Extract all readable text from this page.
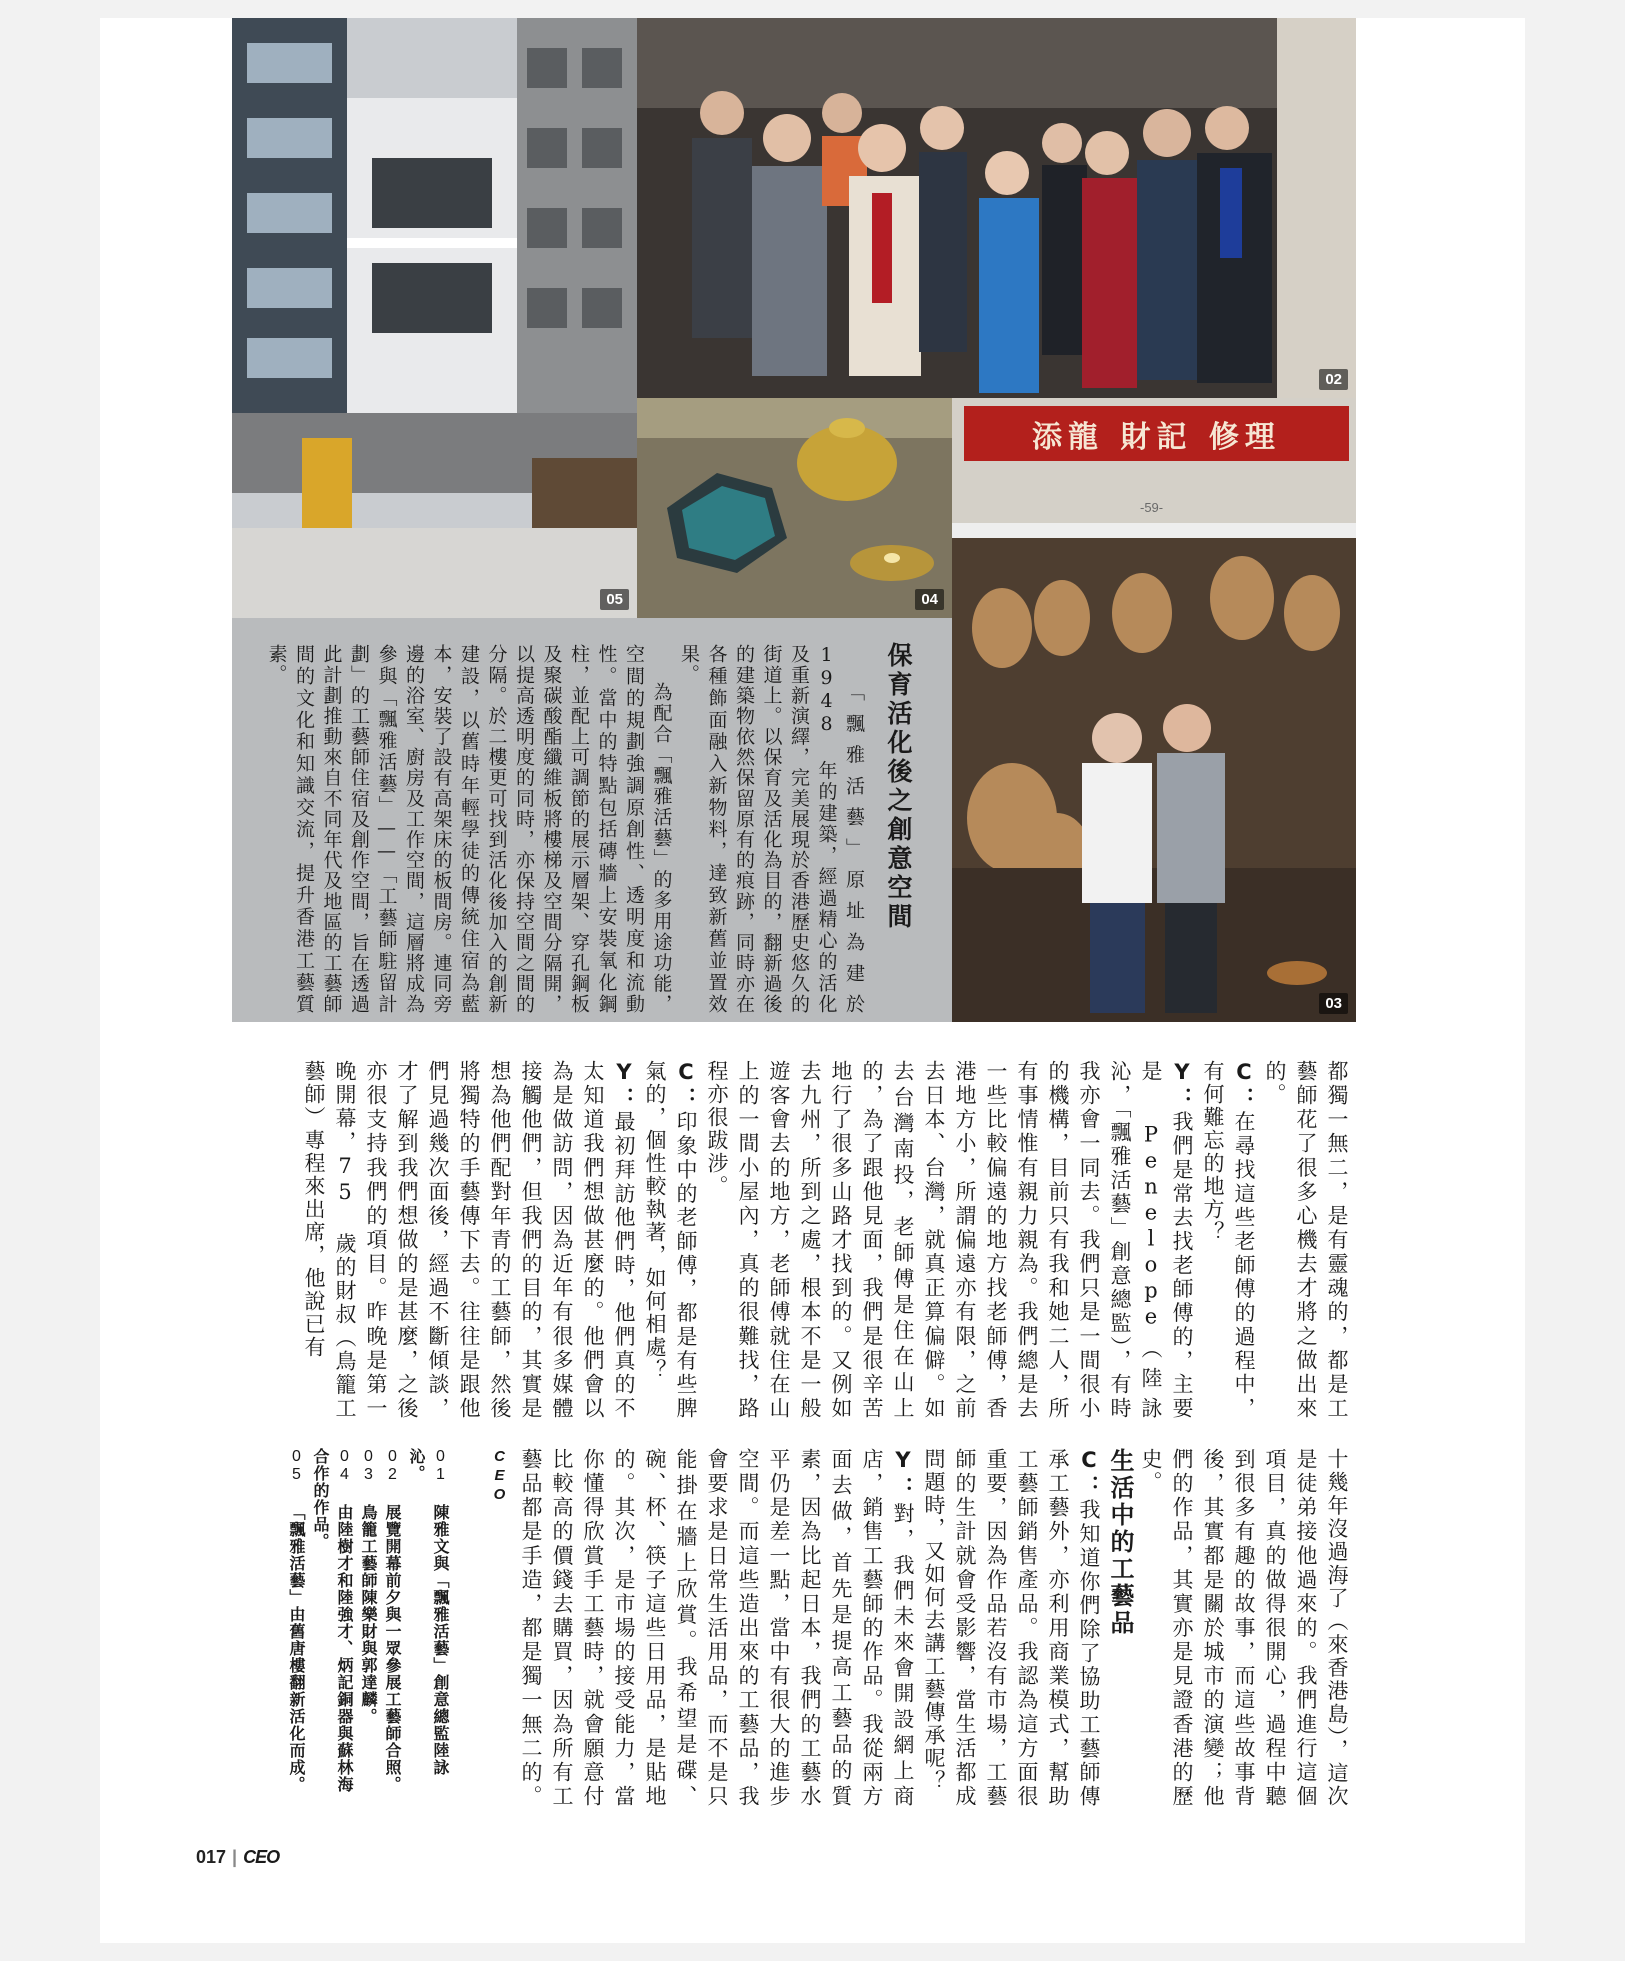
05
02
04
理修 記財 龍添
-59-
03
保育活化後之創意空間
「飄雅活藝」原址為建於 1948 年的建築，經過精心的活化及重新演繹，完美展現於香港歷史悠久的街道上。以保育及活化為目的，翻新過後的建築物依然保留原有的痕跡，同時亦在各種飾面融入新物料，達致新舊並置效果。
為配合「飄雅活藝」的多用途功能，空間的規劃強調原創性、透明度和流動性。當中的特點包括磚牆上安裝氧化鋼柱，並配上可調節的展示層架、穿孔鋼板及聚碳酸酯纖維板將樓梯及空間分隔開，以提高透明度的同時，亦保持空間之間的分隔。於二樓更可找到活化後加入的創新建設，以舊時年輕學徒的傳統住宿為藍本，安裝了設有高架床的板間房。連同旁邊的浴室、廚房及工作空間，這層將成為參與「飄雅活藝」——「工藝師駐留計劃」的工藝師住宿及創作空間，旨在透過此計劃推動來自不同年代及地區的工藝師間的文化和知識交流，提升香港工藝質素。
都獨一無二，是有靈魂的，都是工藝師花了很多心機去才將之做出來的。
C：在尋找這些老師傅的過程中，有何難忘的地方？
Y：我們是常去找老師傅的，主要是 Penelope（陸詠沁，「飄雅活藝」創意總監），有時我亦會一同去。我們只是一間很小的機構，目前只有我和她二人，所有事情惟有親力親為。我們總是去一些比較偏遠的地方找老師傅，香港地方小，所謂偏遠亦有限，之前去日本、台灣，就真正算偏僻。如去台灣南投，老師傅是住在山上的，為了跟他見面，我們是很辛苦地行了很多山路才找到的。又例如去九州，所到之處，根本不是一般遊客會去的地方，老師傅就住在山上的一間小屋內，真的很難找，路程亦很跋涉。
C：印象中的老師傅，都是有些脾氣的，個性較執著，如何相處？
Y：最初拜訪他們時，他們真的不太知道我們想做甚麼的。他們會以為是做訪問，因為近年有很多媒體接觸他們，但我們的目的，其實是想為他們配對年青的工藝師，然後將獨特的手藝傳下去。往往是跟他們見過幾次面後，經過不斷傾談，才了解到我們想做的是甚麼，之後亦很支持我們的項目。昨晚是第一晚開幕，75 歲的財叔（鳥籠工藝師）專程來出席，他說已有
十幾年沒過海了（來香港島），這次是徒弟接他過來的。我們進行這個項目，真的做得很開心，過程中聽到很多有趣的故事，而這些故事背後，其實都是關於城市的演變；他們的作品，其實亦是見證香港的歷史。
生活中的工藝品
C：我知道你們除了協助工藝師傳承工藝外，亦利用商業模式，幫助工藝師銷售產品。我認為這方面很重要，因為作品若沒有市場，工藝師的生計就會受影響，當生活都成問題時，又如何去講工藝傳承呢？
Y：對，我們未來會開設網上商店，銷售工藝師的作品。我從兩方面去做，首先是提高工藝品的質素，因為比起日本，我們的工藝水平仍是差一點，當中有很大的進步空間。而這些造出來的工藝品，我會要求是日常生活用品，而不是只能掛在牆上欣賞。我希望是碟、碗、杯、筷子這些日用品，是貼地的。其次，是市場的接受能力，當你懂得欣賞手工藝時，就會願意付比較高的價錢去購買，因為所有工藝品都是手造，都是獨一無二的。CEO
01 陳雅文與「飄雅活藝」創意總監陸詠沁。
02 展覽開幕前夕與一眾參展工藝師合照。
03 鳥籠工藝師陳樂財與郭達麟。
04 由陸樹才和陸強才、炳記銅器與蘇林海合作的作品。
05 「飄雅活藝」由舊唐樓翻新活化而成。
017 | CEO
